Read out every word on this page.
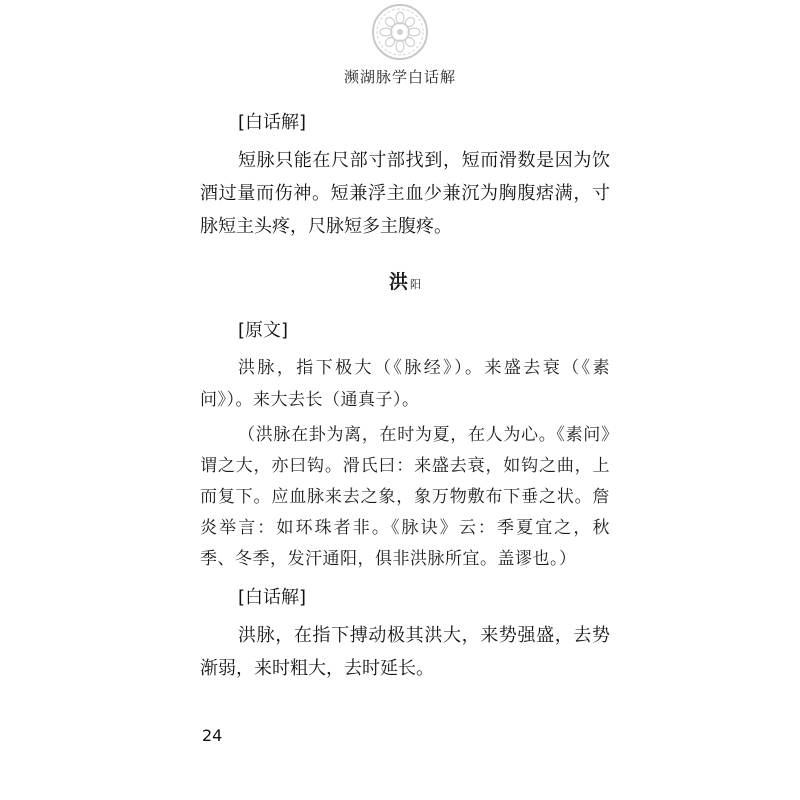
濒湖脉学白话解
[白话解]

短脉只能在尺部寸部找到，短而滑数是因为饮酒过量而伤神。短兼浮主血少兼沉为胸腹痞满，寸脉短主头疼，尺脉短多主腹疼。

洪阳
[原文]

洪脉，指下极大（《脉经》）。来盛去衰（《素问》）。来大去长（通真子）。

（洪脉在卦为离，在时为夏，在人为心。《素问》谓之大，亦曰钩。滑氏曰：来盛去衰，如钩之曲，上而复下。应血脉来去之象，象万物敷布下垂之状。詹炎举言：如环珠者非。《脉诀》云：季夏宜之，秋季、冬季，发汗通阳，俱非洪脉所宜。盖谬也。）

[白话解]

洪脉，在指下搏动极其洪大，来势强盛，去势渐弱，来时粗大，去时延长。

24
